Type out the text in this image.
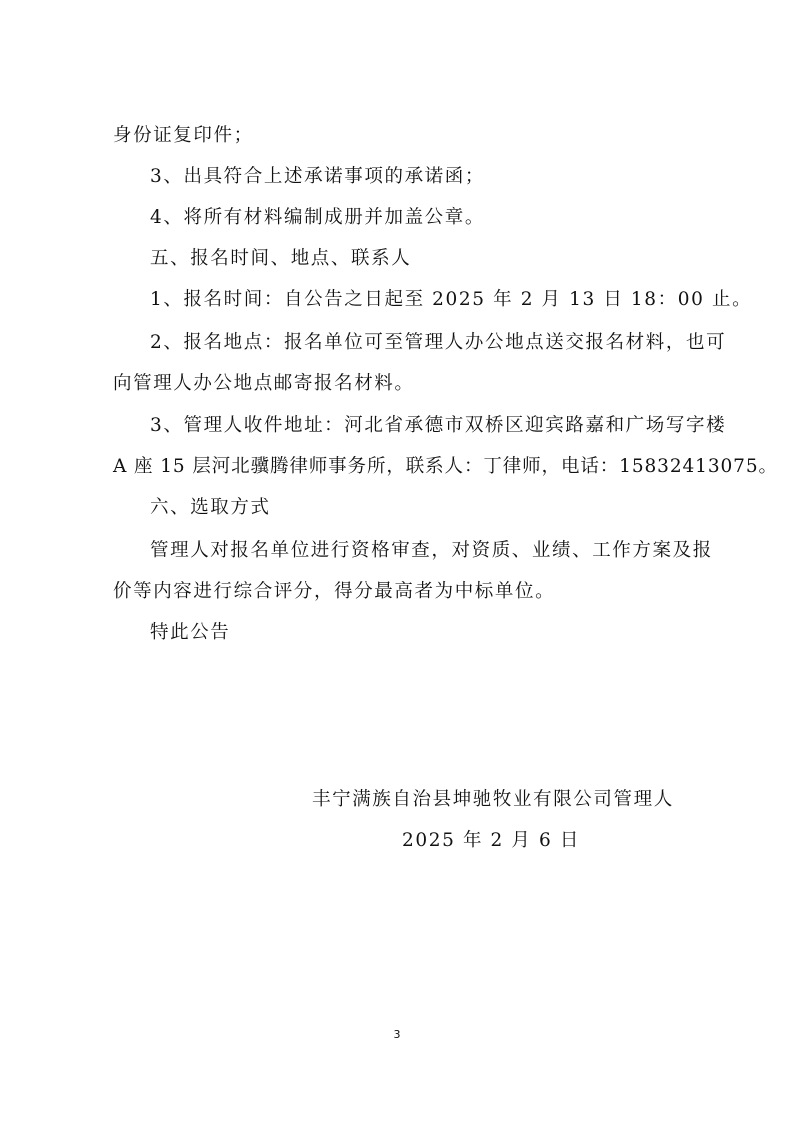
身份证复印件；
3、出具符合上述承诺事项的承诺函；
4、将所有材料编制成册并加盖公章。
五、报名时间、地点、联系人
1、报名时间：自公告之日起至 2025 年 2 月 13 日 18：00 止。
2、报名地点：报名单位可至管理人办公地点送交报名材料，也可
向管理人办公地点邮寄报名材料。
3、管理人收件地址：河北省承德市双桥区迎宾路嘉和广场写字楼
A 座 15 层河北骥腾律师事务所，联系人：丁律师，电话：15832413075。
六、选取方式
管理人对报名单位进行资格审查，对资质、业绩、工作方案及报
价等内容进行综合评分，得分最高者为中标单位。
特此公告
丰宁满族自治县坤驰牧业有限公司管理人
2025 年 2 月 6 日
3
